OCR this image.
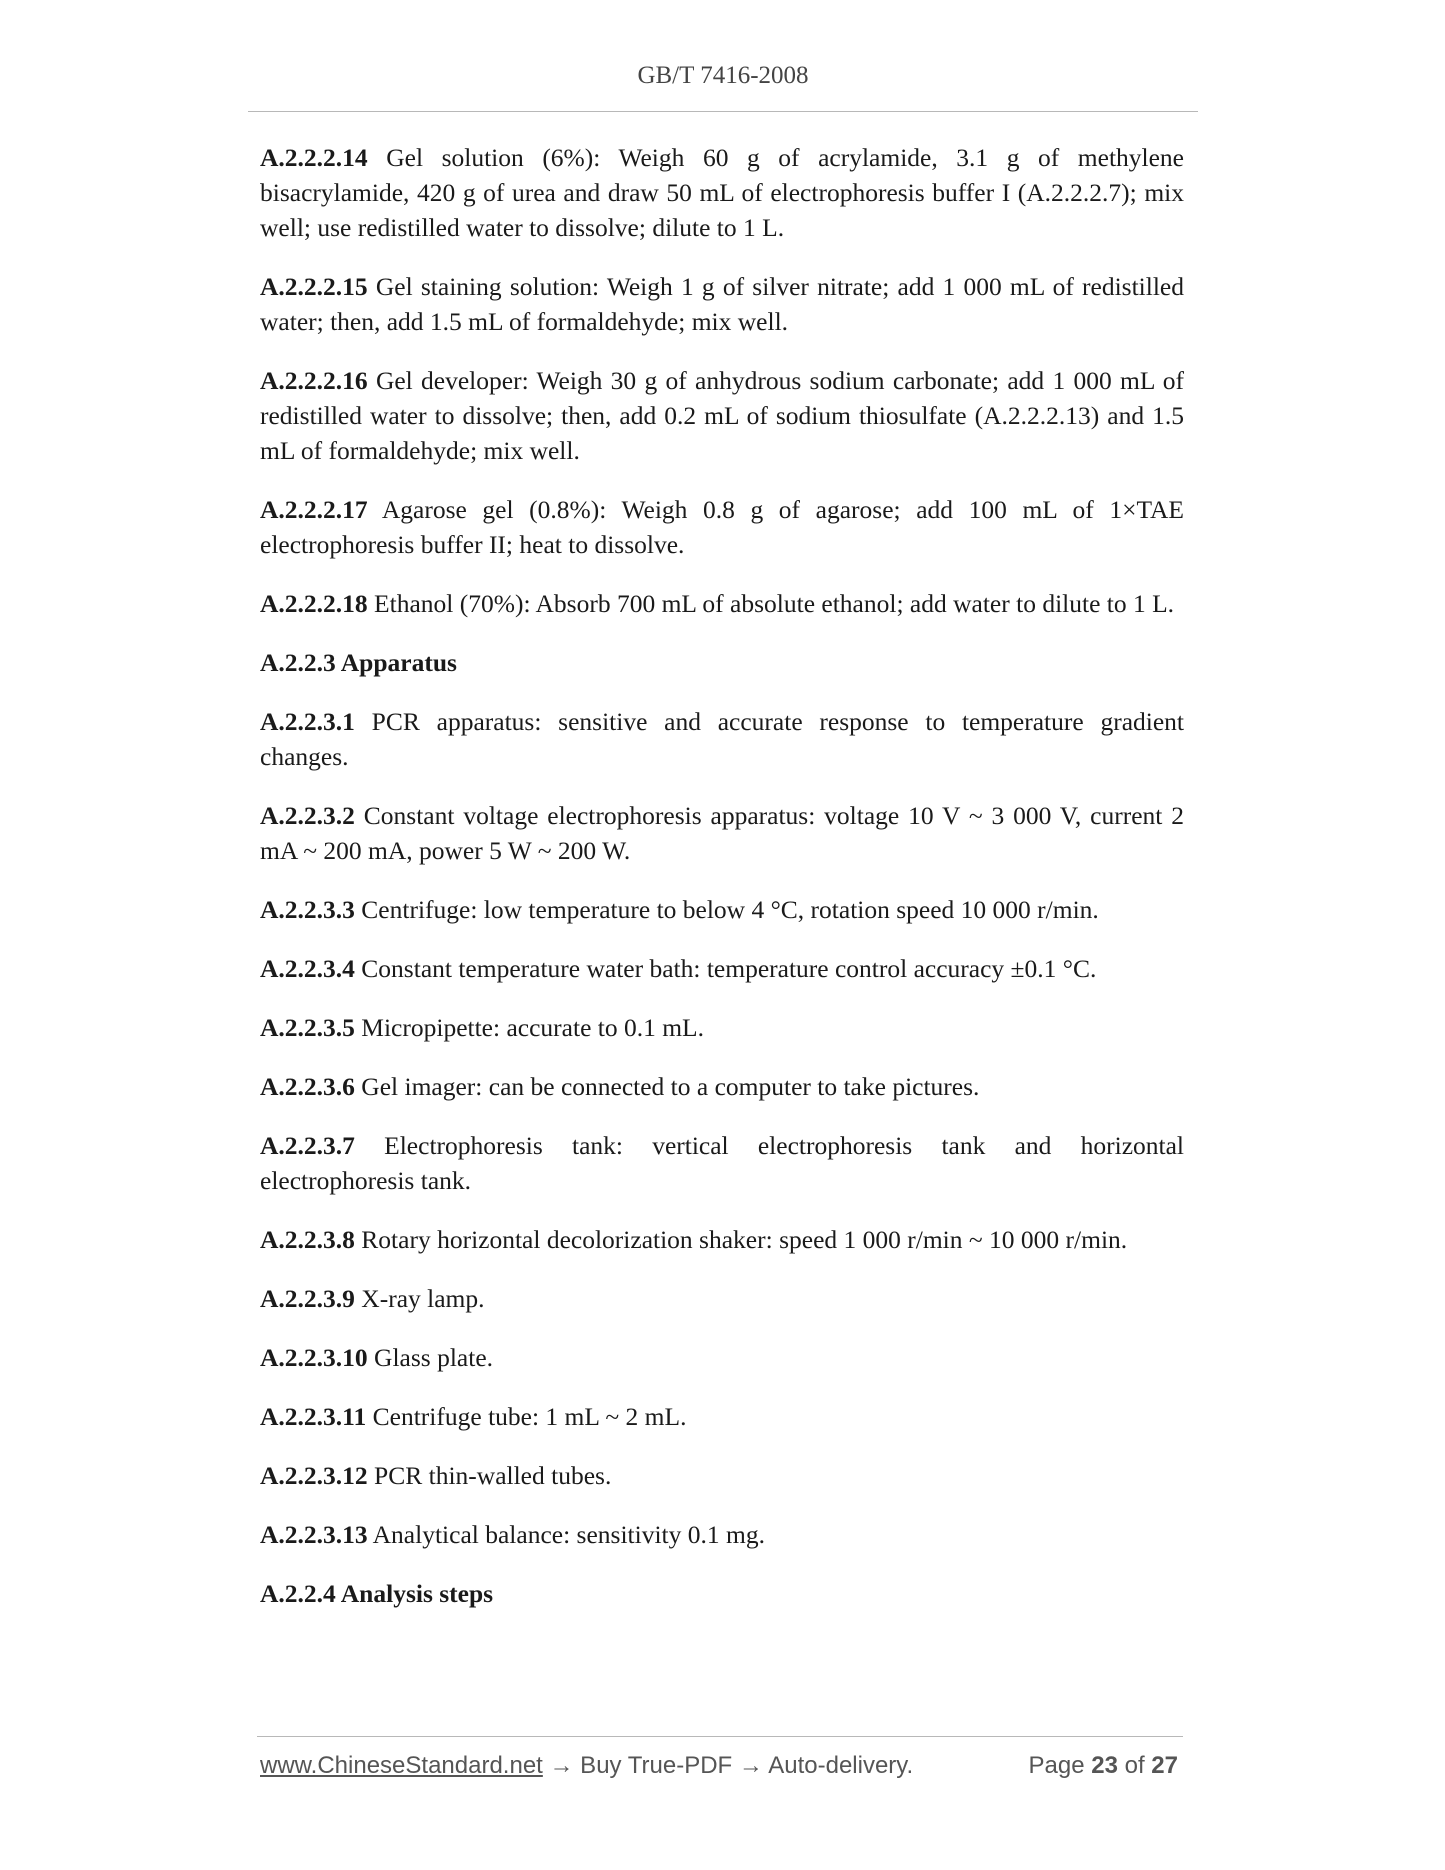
GB/T 7416-2008

A.2.2.2.14 Gel solution (6%): Weigh 60 g of acrylamide, 3.1 g of methylene bisacrylamide, 420 g of urea and draw 50 mL of electrophoresis buffer I (A.2.2.2.7); mix well; use redistilled water to dissolve; dilute to 1 L.

A.2.2.2.15 Gel staining solution: Weigh 1 g of silver nitrate; add 1 000 mL of redistilled water; then, add 1.5 mL of formaldehyde; mix well.

A.2.2.2.16 Gel developer: Weigh 30 g of anhydrous sodium carbonate; add 1 000 mL of redistilled water to dissolve; then, add 0.2 mL of sodium thiosulfate (A.2.2.2.13) and 1.5 mL of formaldehyde; mix well.

A.2.2.2.17 Agarose gel (0.8%): Weigh 0.8 g of agarose; add 100 mL of 1×TAE electrophoresis buffer II; heat to dissolve.

A.2.2.2.18 Ethanol (70%): Absorb 700 mL of absolute ethanol; add water to dilute to 1 L.

A.2.2.3 Apparatus

A.2.2.3.1 PCR apparatus: sensitive and accurate response to temperature gradient changes.

A.2.2.3.2 Constant voltage electrophoresis apparatus: voltage 10 V ~ 3 000 V, current 2 mA ~ 200 mA, power 5 W ~ 200 W.

A.2.2.3.3 Centrifuge: low temperature to below 4 °C, rotation speed 10 000 r/min.

A.2.2.3.4 Constant temperature water bath: temperature control accuracy ±0.1 °C.

A.2.2.3.5 Micropipette: accurate to 0.1 mL.

A.2.2.3.6 Gel imager: can be connected to a computer to take pictures.

A.2.2.3.7 Electrophoresis tank: vertical electrophoresis tank and horizontal electrophoresis tank.

A.2.2.3.8 Rotary horizontal decolorization shaker: speed 1 000 r/min ~ 10 000 r/min.

A.2.2.3.9 X-ray lamp.

A.2.2.3.10 Glass plate.

A.2.2.3.11 Centrifuge tube: 1 mL ~ 2 mL.

A.2.2.3.12 PCR thin-walled tubes.

A.2.2.3.13 Analytical balance: sensitivity 0.1 mg.

A.2.2.4 Analysis steps

www.ChineseStandard.net → Buy True-PDF → Auto-delivery.	Page 23 of 27
